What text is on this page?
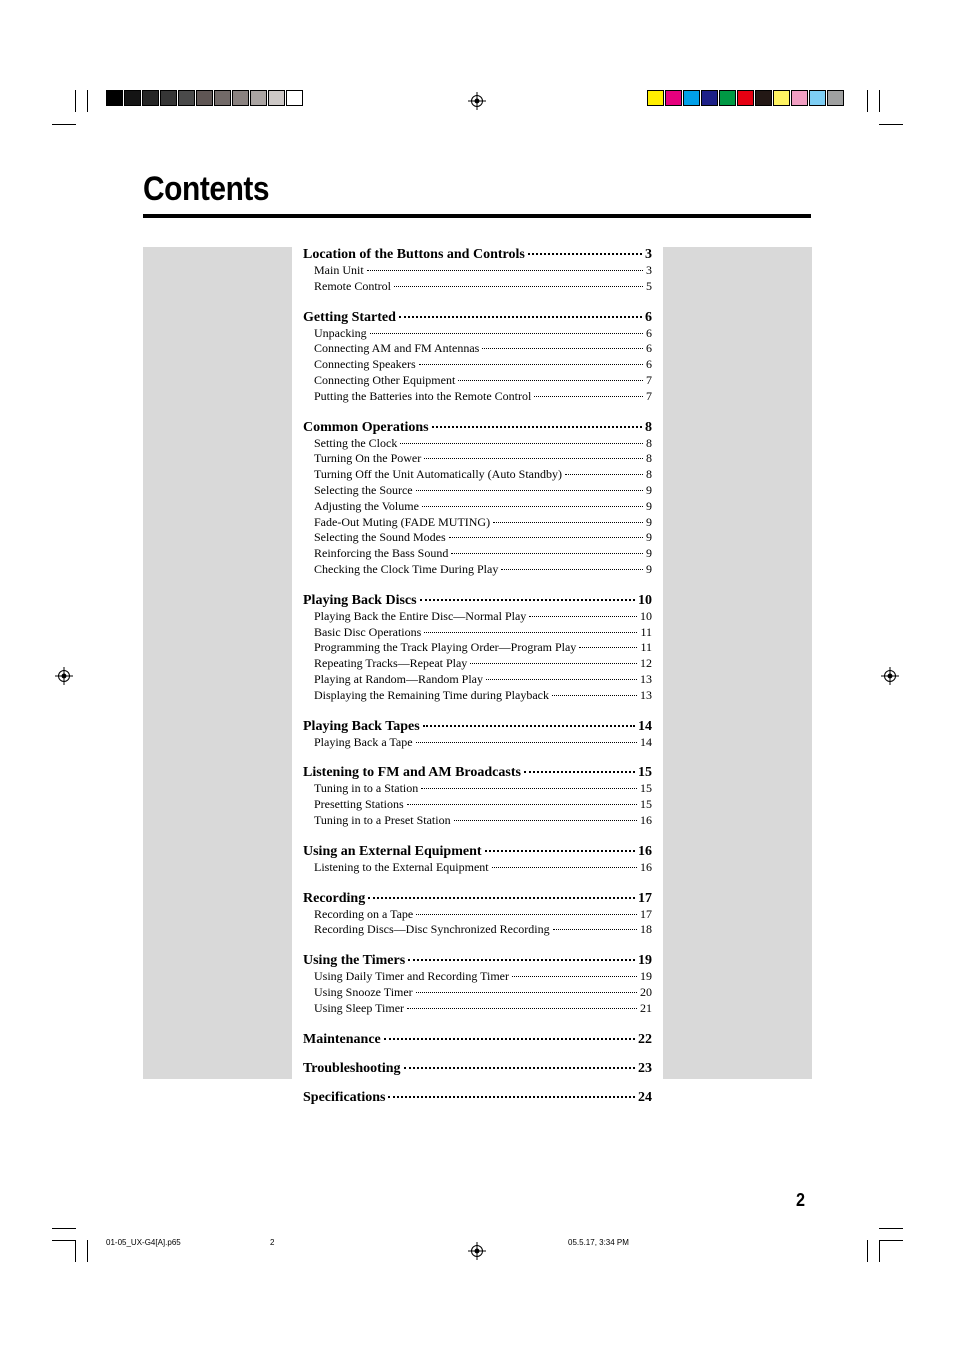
Contents
Location of the Buttons and Controls	3
Main Unit	3
Remote Control	5
Getting Started	6
Unpacking	6
Connecting AM and FM Antennas	6
Connecting Speakers	6
Connecting Other Equipment	7
Putting the Batteries into the Remote Control	7
Common Operations	8
Setting the Clock	8
Turning On the Power	8
Turning Off the Unit Automatically (Auto Standby)	8
Selecting the Source	9
Adjusting the Volume	9
Fade-Out Muting (FADE MUTING)	9
Selecting the Sound Modes	9
Reinforcing the Bass Sound	9
Checking the Clock Time During Play	9
Playing Back Discs	10
Playing Back the Entire Disc—Normal Play	10
Basic Disc Operations	11
Programming the Track Playing Order—Program Play	11
Repeating Tracks—Repeat Play	12
Playing at Random—Random Play	13
Displaying the Remaining Time during Playback	13
Playing Back Tapes	14
Playing Back a Tape	14
Listening to FM and AM Broadcasts	15
Tuning in to a Station	15
Presetting Stations	15
Tuning in to a Preset Station	16
Using an External Equipment	16
Listening to the External Equipment	16
Recording	17
Recording on a Tape	17
Recording Discs—Disc Synchronized Recording	18
Using the Timers	19
Using Daily Timer and Recording Timer	19
Using Snooze Timer	20
Using Sleep Timer	21
Maintenance	22
Troubleshooting	23
Specifications	24
2
01-05_UX-G4[A].p65	2	05.5.17, 3:34 PM
